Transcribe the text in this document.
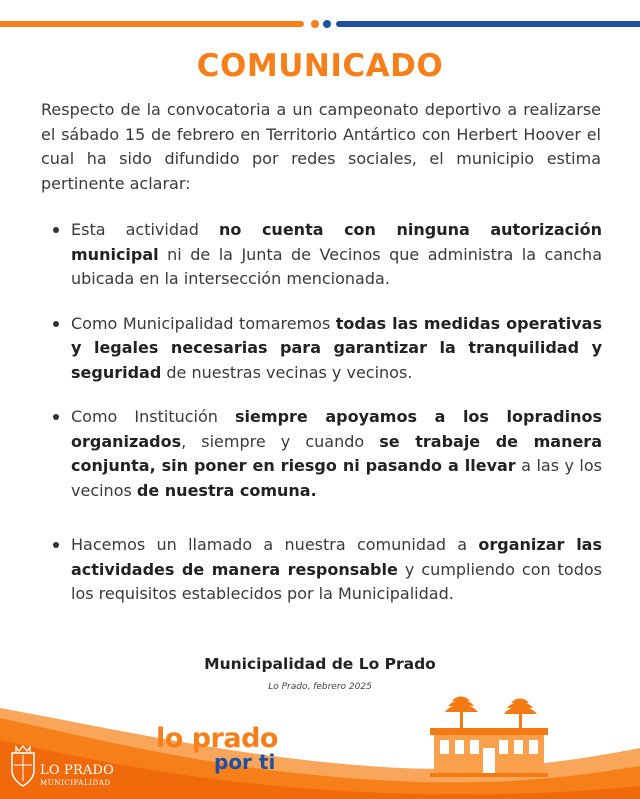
COMUNICADO
Respecto de la convocatoria a un campeonato deportivo a realizarse el sábado 15 de febrero en Territorio Antártico con Herbert Hoover el cual ha sido difundido por redes sociales, el municipio estima pertinente aclarar:
Esta actividad no cuenta con ninguna autorización municipal ni de la Junta de Vecinos que administra la cancha ubicada en la intersección mencionada.
Como Municipalidad tomaremos todas las medidas operativas y legales necesarias para garantizar la tranquilidad y seguridad de nuestras vecinas y vecinos.
Como Institución siempre apoyamos a los lopradinos organizados, siempre y cuando se trabaje de manera conjunta, sin poner en riesgo ni pasando a llevar a las y los vecinos de nuestra comuna.
Hacemos un llamado a nuestra comunidad a organizar las actividades de manera responsable y cumpliendo con todos los requisitos establecidos por la Municipalidad.
Municipalidad de Lo Prado
Lo Prado, febrero 2025
LO PRADO
MUNICIPALIDAD
lo prado
por ti
